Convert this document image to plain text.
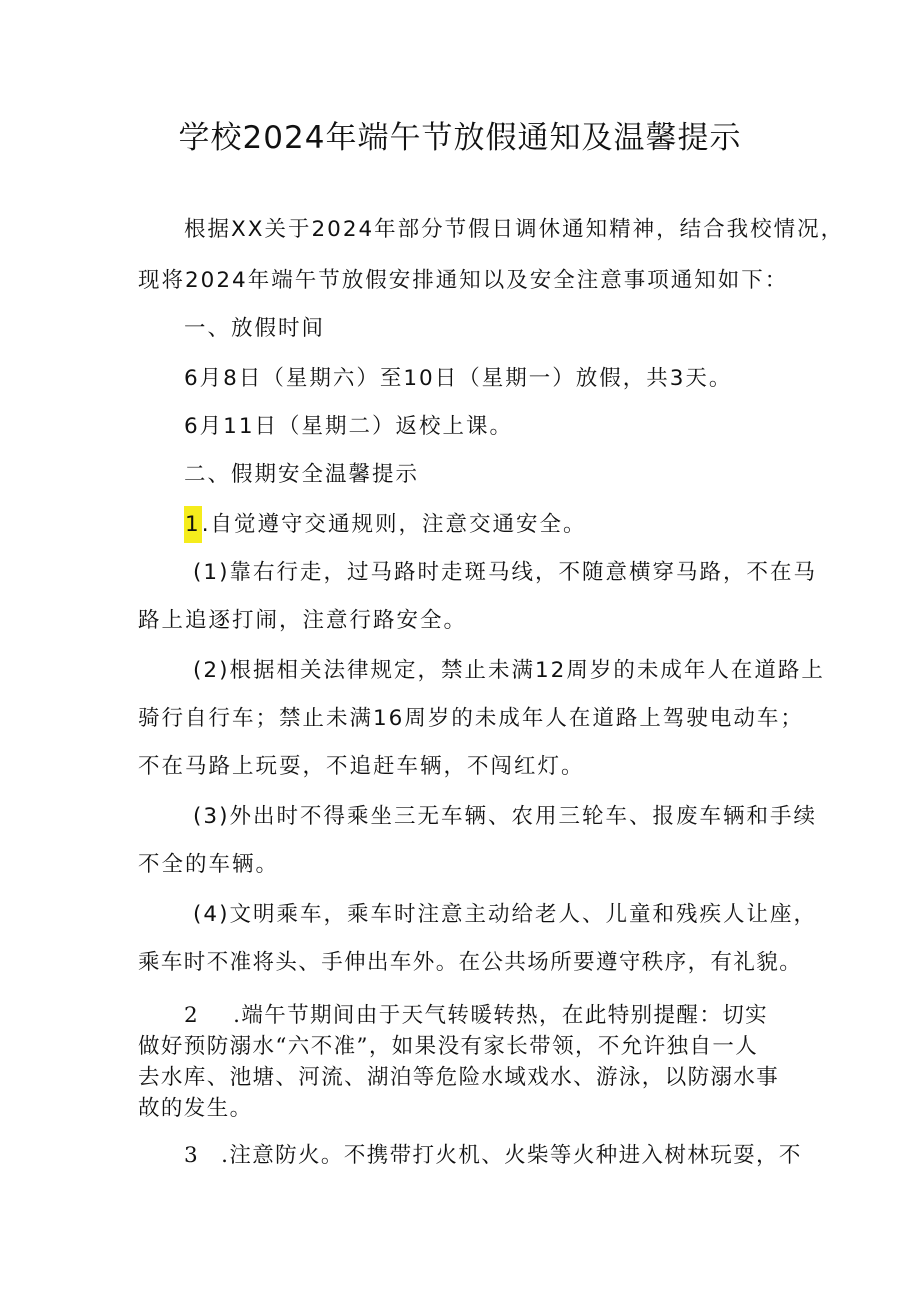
学校2024年端午节放假通知及温馨提示
根据XX关于2024年部分节假日调休通知精神，结合我校情况，
现将2024年端午节放假安排通知以及安全注意事项通知如下：
一、放假时间
6月8日（星期六）至10日（星期一）放假，共3天。
6月11日（星期二）返校上课。
二、假期安全温馨提示
1.自觉遵守交通规则，注意交通安全。
(1)靠右行走，过马路时走斑马线，不随意横穿马路，不在马
路上追逐打闹，注意行路安全。
(2)根据相关法律规定，禁止未满12周岁的未成年人在道路上
骑行自行车；禁止未满16周岁的未成年人在道路上驾驶电动车；
不在马路上玩耍，不追赶车辆，不闯红灯。
(3)外出时不得乘坐三无车辆、农用三轮车、报废车辆和手续
不全的车辆。
(4)文明乘车，乘车时注意主动给老人、儿童和残疾人让座，
乘车时不准将头、手伸出车外。在公共场所要遵守秩序，有礼貌。
2 .端午节期间由于天气转暖转热，在此特别提醒：切实
做好预防溺水“六不准”，如果没有家长带领，不允许独自一人
去水库、池塘、河流、湖泊等危险水域戏水、游泳，以防溺水事
故的发生。
3 .注意防火。不携带打火机、火柴等火种进入树林玩耍，不
